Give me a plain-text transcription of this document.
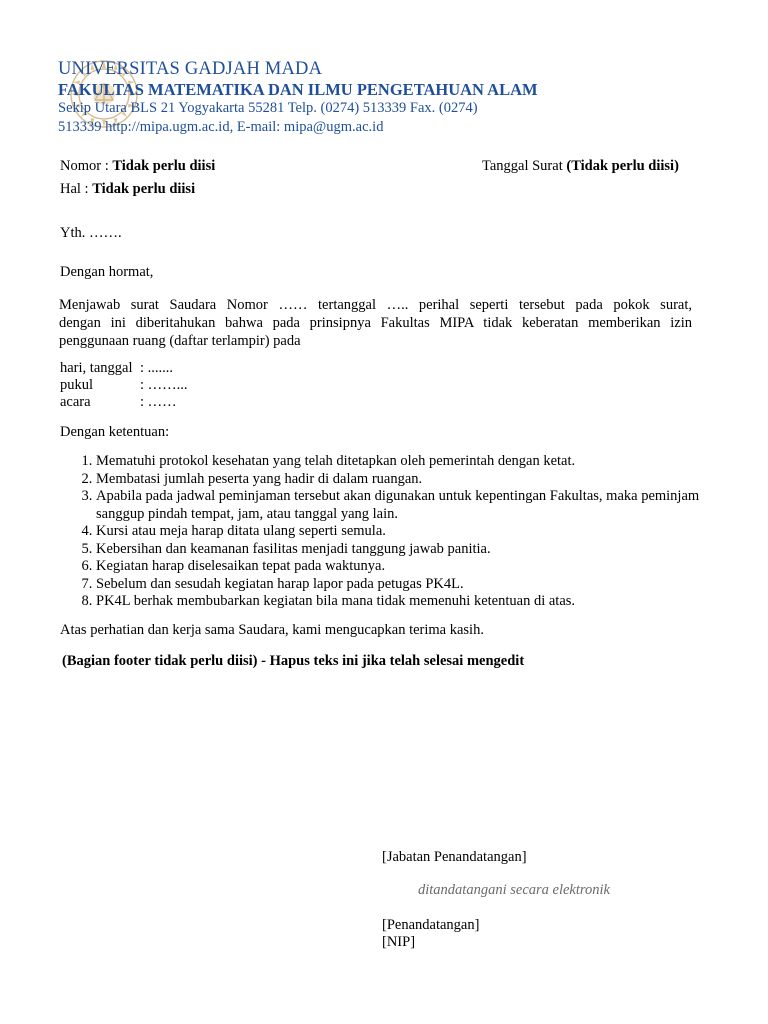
UNIVERSITAS GADJAH MADA
FAKULTAS MATEMATIKA DAN ILMU PENGETAHUAN ALAM
Sekip Utara BLS 21 Yogyakarta 55281 Telp. (0274) 513339 Fax. (0274)
513339 http://mipa.ugm.ac.id, E-mail: mipa@ugm.ac.id
Nomor : Tidak perlu diisi	Tanggal Surat (Tidak perlu diisi)
Hal : Tidak perlu diisi
Yth. …….
Dengan hormat,
Menjawab surat Saudara Nomor …… tertanggal ….. perihal seperti tersebut pada pokok surat,
dengan ini diberitahukan bahwa pada prinsipnya Fakultas MIPA tidak keberatan memberikan izin
penggunaan ruang (daftar terlampir) pada
hari, tanggal : .......
pukul	: ……...
acara	: ……
Dengan ketentuan:
1. Mematuhi protokol kesehatan yang telah ditetapkan oleh pemerintah dengan ketat.
2. Membatasi jumlah peserta yang hadir di dalam ruangan.
3. Apabila pada jadwal peminjaman tersebut akan digunakan untuk kepentingan Fakultas, maka peminjam sanggup pindah tempat, jam, atau tanggal yang lain.
4. Kursi atau meja harap ditata ulang seperti semula.
5. Kebersihan dan keamanan fasilitas menjadi tanggung jawab panitia.
6. Kegiatan harap diselesaikan tepat pada waktunya.
7. Sebelum dan sesudah kegiatan harap lapor pada petugas PK4L.
8. PK4L berhak membubarkan kegiatan bila mana tidak memenuhi ketentuan di atas.
Atas perhatian dan kerja sama Saudara, kami mengucapkan terima kasih.
(Bagian footer tidak perlu diisi) - Hapus teks ini jika telah selesai mengedit
[Jabatan Penandatangan]
ditandatangani secara elektronik
[Penandatangan]
[NIP]
